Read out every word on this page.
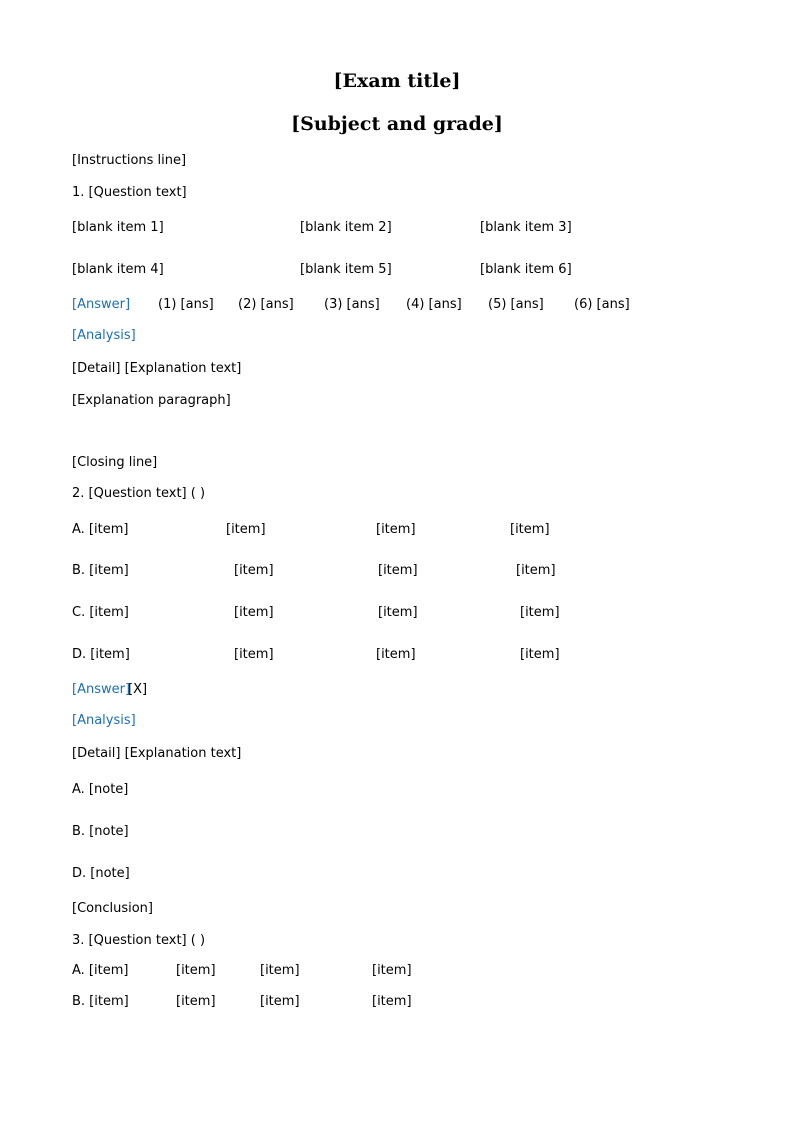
[Exam title]
[Subject and grade]
[Instructions line]
1. [Question text]
[blank item 1]	[blank item 2]	[blank item 3]
[blank item 4]	[blank item 5]	[blank item 6]
[Answer] (1) [ans] (2) [ans] (3) [ans] (4) [ans] (5) [ans] (6) [ans]
[Analysis]
[Detail] [Explanation text]
[Explanation paragraph]
[Closing line]
2. [Question text] ( )
A. [item]	[item]	[item]	[item]
B. [item]	[item]	[item]	[item]
C. [item]	[item]	[item]	[item]
D. [item]	[item]	[item]	[item]
[Answer]
[X]
[Analysis]
[Detail] [Explanation text]
A. [note]
B. [note]
D. [note]
[Conclusion]
3. [Question text] ( )
A. [item]	[item]	[item]	[item]
B. [item]	[item]	[item]	[item]
